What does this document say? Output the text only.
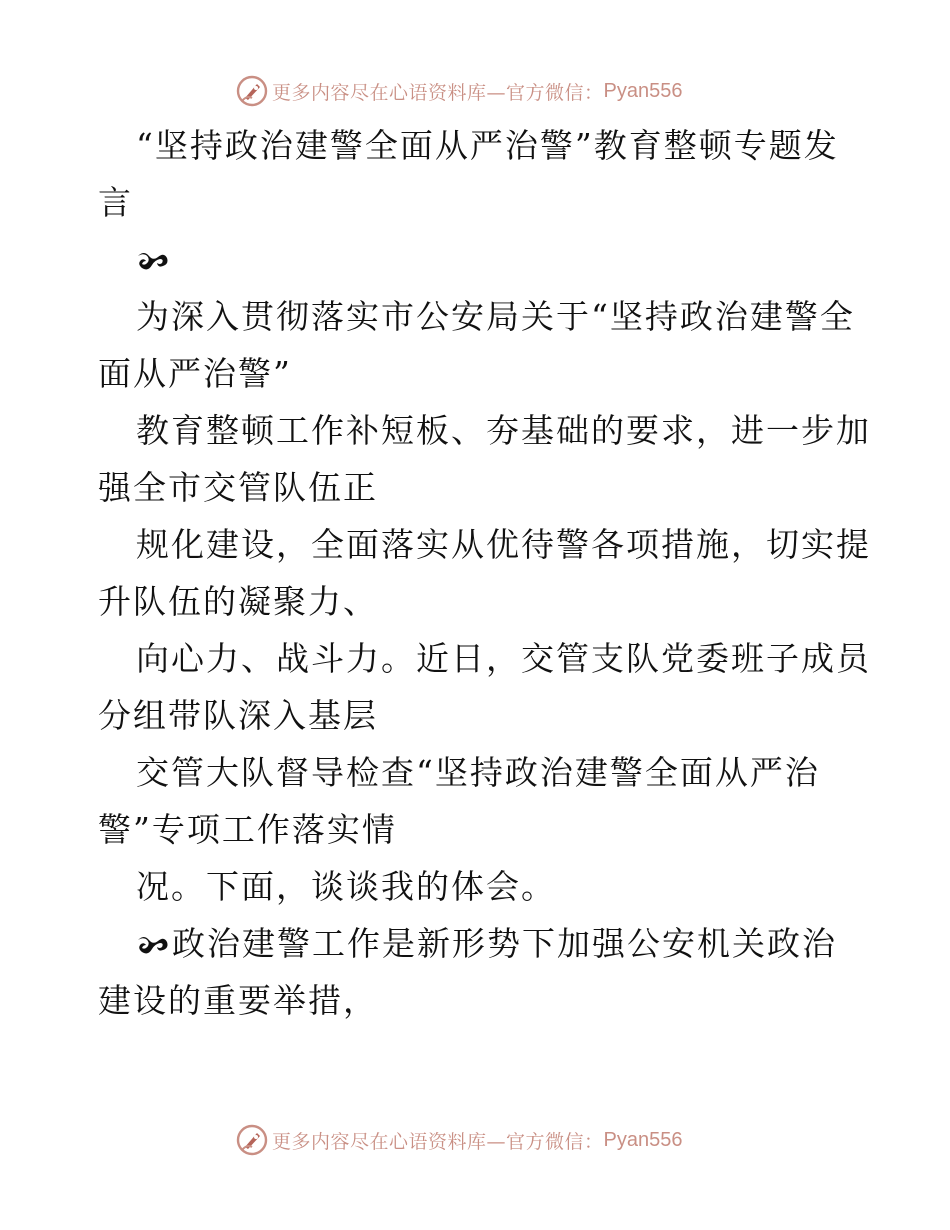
更多内容尽在心语资料库—官方微信： Pyan556
“坚持政治建警全面从严治警”教育整顿专题发
言
为深入贯彻落实市公安局关于“坚持政治建警全
面从严治警”
教育整顿工作补短板、夯基础的要求，进一步加
强全市交管队伍正
规化建设，全面落实从优待警各项措施，切实提
升队伍的凝聚力、
向心力、战斗力。近日，交管支队党委班子成员
分组带队深入基层
交管大队督导检查“坚持政治建警全面从严治
警”专项工作落实情
况。下面，谈谈我的体会。
政治建警工作是新形势下加强公安机关政治
建设的重要举措，
更多内容尽在心语资料库—官方微信： Pyan556
